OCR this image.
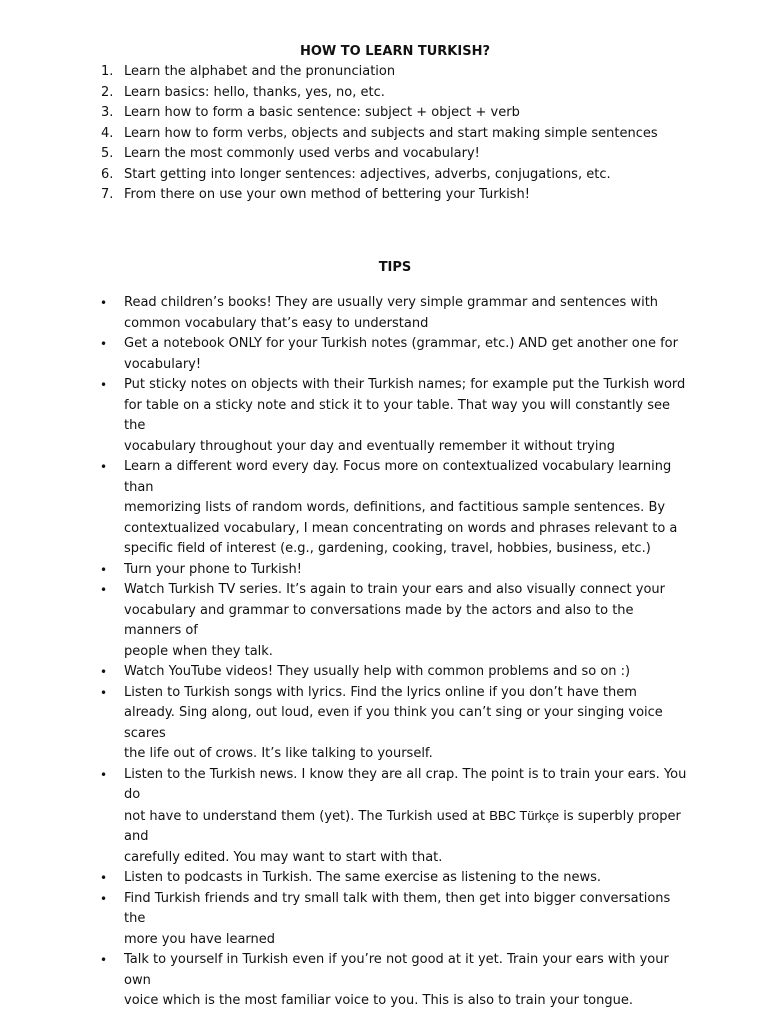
HOW TO LEARN TURKISH?
1. Learn the alphabet and the pronunciation
2. Learn basics: hello, thanks, yes, no, etc.
3. Learn how to form a basic sentence: subject + object + verb
4. Learn how to form verbs, objects and subjects and start making simple sentences
5. Learn the most commonly used verbs and vocabulary!
6. Start getting into longer sentences: adjectives, adverbs, conjugations, etc.
7. From there on use your own method of bettering your Turkish!
TIPS
• Read children’s books! They are usually very simple grammar and sentences with
common vocabulary that’s easy to understand
• Get a notebook ONLY for your Turkish notes (grammar, etc.) AND get another one for
vocabulary!
• Put sticky notes on objects with their Turkish names; for example put the Turkish word
for table on a sticky note and stick it to your table. That way you will constantly see the
vocabulary throughout your day and eventually remember it without trying
• Learn a different word every day. Focus more on contextualized vocabulary learning than
memorizing lists of random words, definitions, and factitious sample sentences. By
contextualized vocabulary, I mean concentrating on words and phrases relevant to a
specific field of interest (e.g., gardening, cooking, travel, hobbies, business, etc.)
• Turn your phone to Turkish!
• Watch Turkish TV series. It’s again to train your ears and also visually connect your
vocabulary and grammar to conversations made by the actors and also to the manners of
people when they talk.
• Watch YouTube videos! They usually help with common problems and so on :)
• Listen to Turkish songs with lyrics. Find the lyrics online if you don’t have them
already. Sing along, out loud, even if you think you can’t sing or your singing voice scares
the life out of crows. It’s like talking to yourself.
• Listen to the Turkish news. I know they are all crap. The point is to train your ears. You do
not have to understand them (yet). The Turkish used at BBC Türkçe is superbly proper and
carefully edited. You may want to start with that.
• Listen to podcasts in Turkish. The same exercise as listening to the news.
• Find Turkish friends and try small talk with them, then get into bigger conversations the
more you have learned
• Talk to yourself in Turkish even if you’re not good at it yet. Train your ears with your own
voice which is the most familiar voice to you. This is also to train your tongue.
